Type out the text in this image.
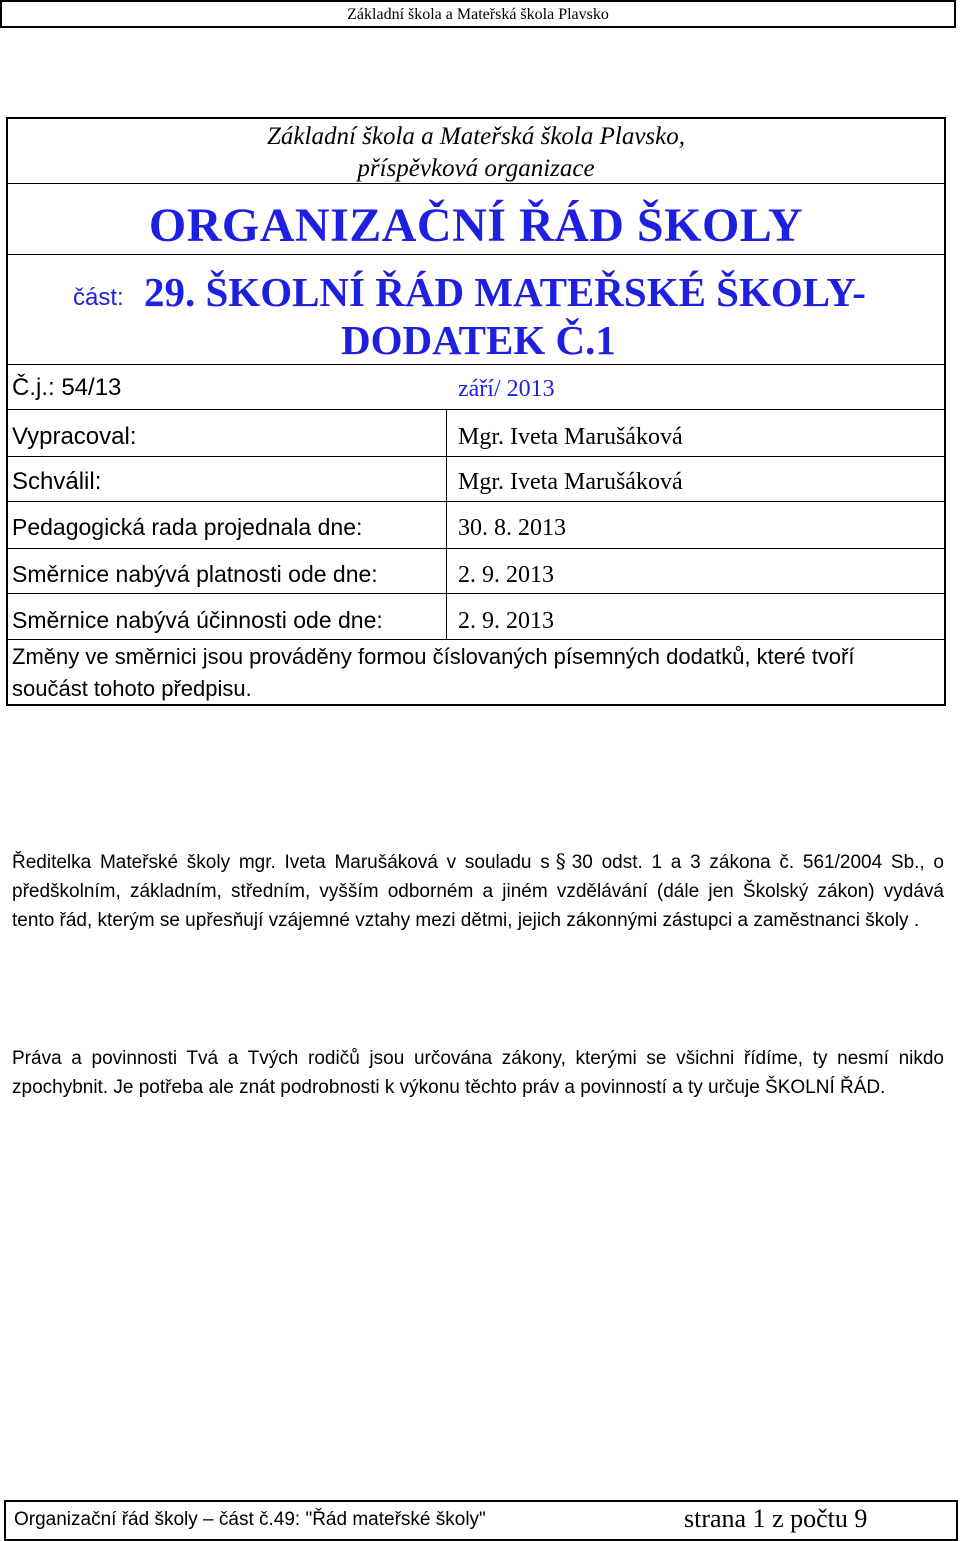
Základní škola a Mateřská škola Plavsko
Základní škola a Mateřská škola Plavsko,
příspěvková organizace
ORGANIZAČNÍ ŘÁD ŠKOLY
část: 29. ŠKOLNÍ ŘÁD MATEŘSKÉ ŠKOLY-
DODATEK Č.1
Č.j.: 54/13	září/ 2013
Vypracoval:	Mgr. Iveta Marušáková
Schválil:	Mgr. Iveta Marušáková
Pedagogická rada projednala dne:	30. 8. 2013
Směrnice nabývá platnosti ode dne:	2. 9. 2013
Směrnice nabývá účinnosti ode dne:	2. 9. 2013
Změny ve směrnici jsou prováděny formou číslovaných písemných dodatků, které tvoří součást tohoto předpisu.
Ředitelka Mateřské školy mgr. Iveta Marušáková v souladu s § 30 odst. 1 a 3 zákona č. 561/2004 Sb., o předškolním, základním, středním, vyšším odborném a jiném vzdělávání (dále jen Školský zákon) vydává tento řád, kterým se upřesňují vzájemné vztahy mezi dětmi, jejich zákonnými zástupci a zaměstnanci školy .
Práva a povinnosti Tvá a Tvých rodičů jsou určována zákony, kterými se všichni řídíme, ty nesmí nikdo zpochybnit. Je potřeba ale znát podrobnosti k výkonu těchto práv a povinností a ty určuje ŠKOLNÍ ŘÁD.
Organizační řád školy – část č.49: "Řád mateřské školy"	strana 1 z počtu 9
